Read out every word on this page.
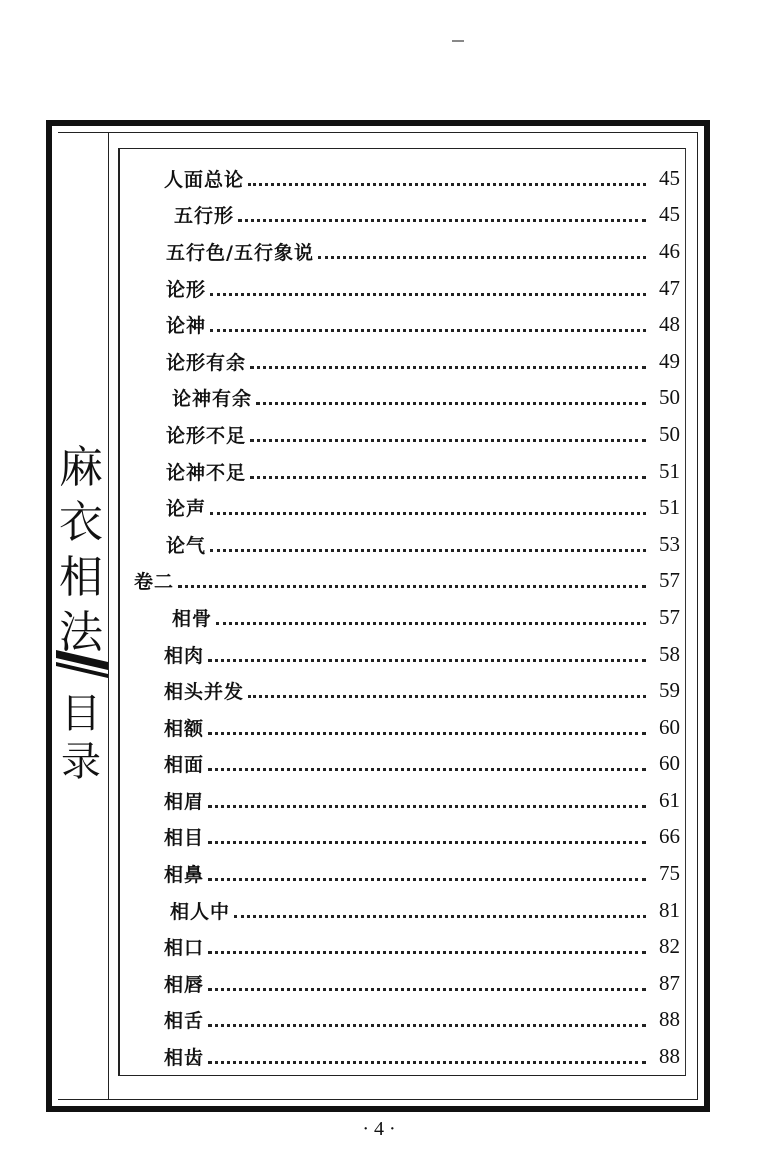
麻
衣
相
法
目
录
人面总论	45
五行形	45
五行色/五行象说	46
论形	47
论神	48
论形有余	49
论神有余	50
论形不足	50
论神不足	51
论声	51
论气	53
卷二	57
相骨	57
相肉	58
相头并发	59
相额	60
相面	60
相眉	61
相目	66
相鼻	75
相人中	81
相口	82
相唇	87
相舌	88
相齿	88
· 4 ·
